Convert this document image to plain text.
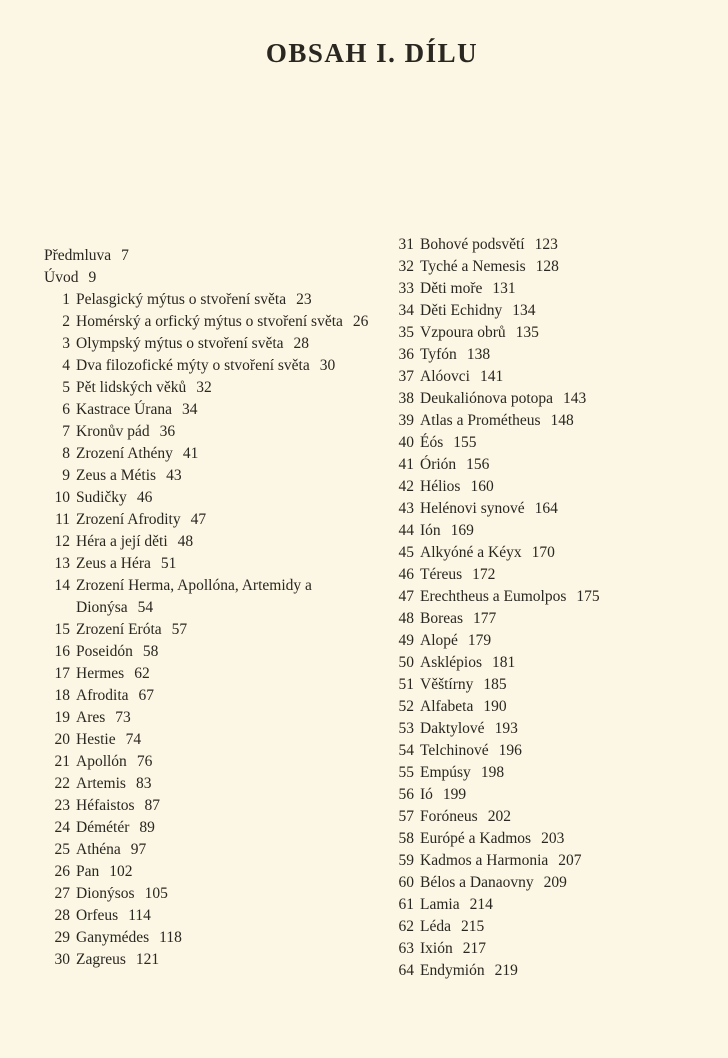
OBSAH I. DÍLU
Předmluva 7
Úvod 9
1 Pelasgický mýtus o stvoření světa 23
2 Homérský a orfický mýtus o stvoření světa 26
3 Olympský mýtus o stvoření světa 28
4 Dva filozofické mýty o stvoření světa 30
5 Pět lidských věků 32
6 Kastrace Úrana 34
7 Kronův pád 36
8 Zrození Athény 41
9 Zeus a Métis 43
10 Sudičky 46
11 Zrození Afrodity 47
12 Héra a její děti 48
13 Zeus a Héra 51
14 Zrození Herma, Apollóna, Artemidy a Dionýsa 54
15 Zrození Eróta 57
16 Poseidón 58
17 Hermes 62
18 Afrodita 67
19 Ares 73
20 Hestie 74
21 Apollón 76
22 Artemis 83
23 Héfaistos 87
24 Démétér 89
25 Athéna 97
26 Pan 102
27 Dionýsos 105
28 Orfeus 114
29 Ganymédes 118
30 Zagreus 121
31 Bohové podsvětí 123
32 Tyché a Nemesis 128
33 Děti moře 131
34 Děti Echidny 134
35 Vzpoura obrů 135
36 Tyfón 138
37 Alóovci 141
38 Deukaliónova potopa 143
39 Atlas a Prométheus 148
40 Éós 155
41 Órión 156
42 Hélios 160
43 Helénovi synové 164
44 Ión 169
45 Alkyóné a Kéyx 170
46 Téreus 172
47 Erechtheus a Eumolpos 175
48 Boreas 177
49 Alopé 179
50 Asklépios 181
51 Věštírny 185
52 Alfabeta 190
53 Daktylové 193
54 Telchinové 196
55 Empúsy 198
56 Ió 199
57 Foróneus 202
58 Európé a Kadmos 203
59 Kadmos a Harmonia 207
60 Bélos a Danaovny 209
61 Lamia 214
62 Léda 215
63 Ixión 217
64 Endymión 219
